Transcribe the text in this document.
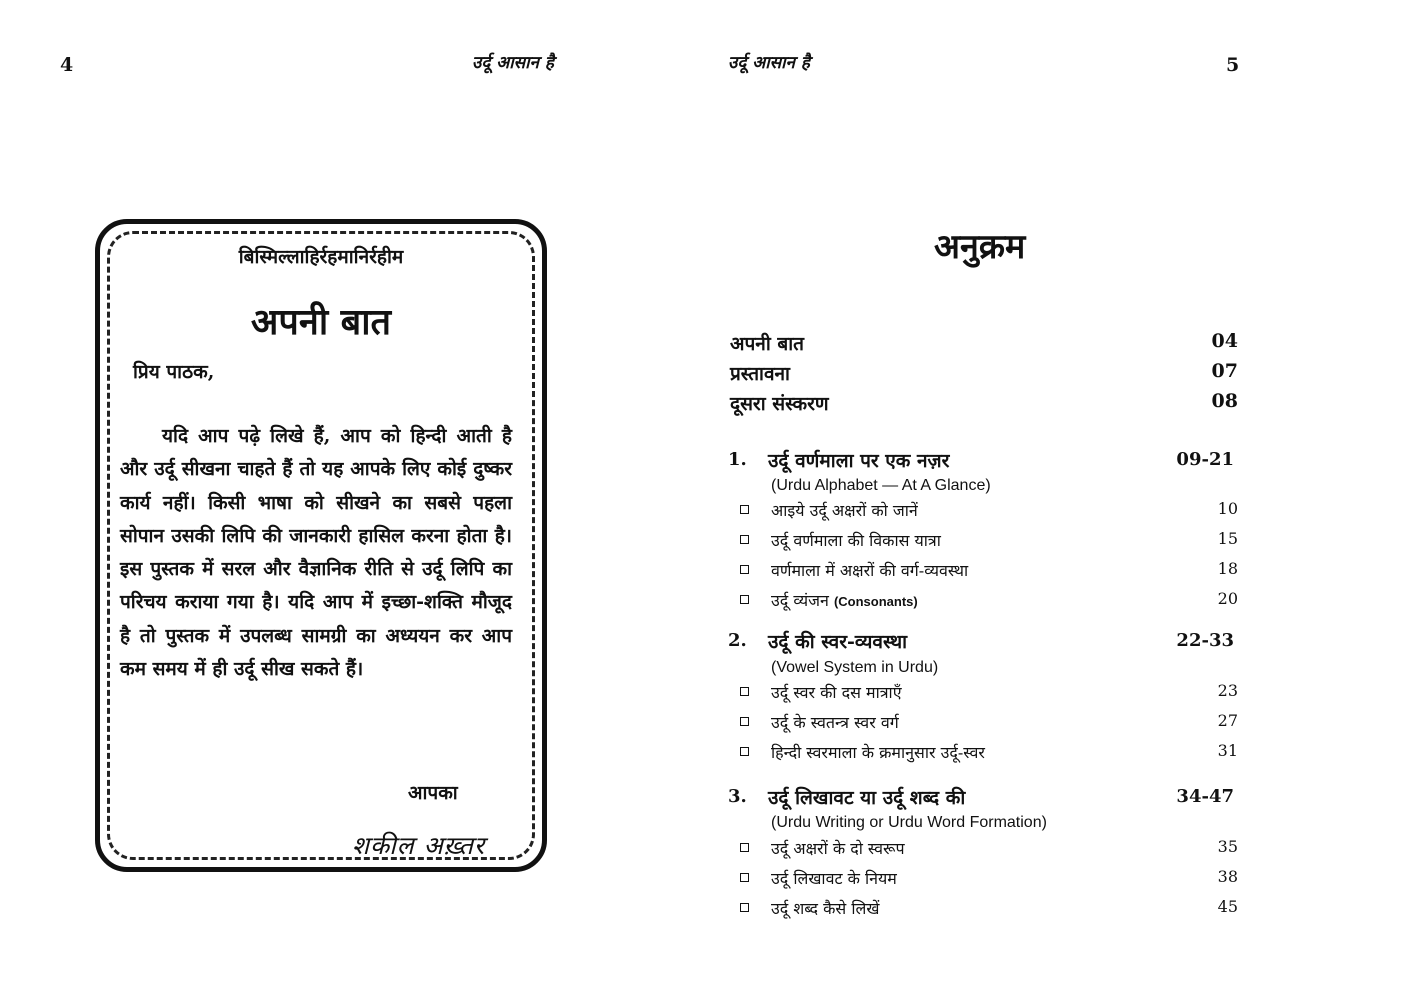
4	उर्दू आसान है
बिस्मिल्लाहिर्रहमानिर्रहीम
अपनी बात
प्रिय पाठक,
यदि आप पढ़े लिखे हैं, आप को हिन्दी आती है और उर्दू सीखना चाहते हैं तो यह आपके लिए कोई दुष्कर कार्य नहीं। किसी भाषा को सीखने का सबसे पहला सोपान उसकी लिपि की जानकारी हासिल करना होता है। इस पुस्तक में सरल और वैज्ञानिक रीति से उर्दू लिपि का परिचय कराया गया है। यदि आप में इच्छा-शक्ति मौजूद है तो पुस्तक में उपलब्ध सामग्री का अध्ययन कर आप कम समय में ही उर्दू सीख सकते हैं।
आपका
शकील अख़्तर
उर्दू आसान है	5
अनुक्रम
अपनी बात	04
प्रस्तावना	07
दूसरा संस्करण	08
1. उर्दू वर्णमाला पर एक नज़र	09-21
(Urdu Alphabet — At A Glance)
आइये उर्दू अक्षरों को जानें	10
उर्दू वर्णमाला की विकास यात्रा	15
वर्णमाला में अक्षरों की वर्ग-व्यवस्था	18
उर्दू व्यंजन (Consonants)	20
2. उर्दू की स्वर-व्यवस्था	22-33
(Vowel System in Urdu)
उर्दू स्वर की दस मात्राएँ	23
उर्दू के स्वतन्त्र स्वर वर्ग	27
हिन्दी स्वरमाला के क्रमानुसार उर्दू-स्वर	31
3. उर्दू लिखावट या उर्दू शब्द की	34-47
(Urdu Writing or Urdu Word Formation)
उर्दू अक्षरों के दो स्वरूप	35
उर्दू लिखावट के नियम	38
उर्दू शब्द कैसे लिखें	45
